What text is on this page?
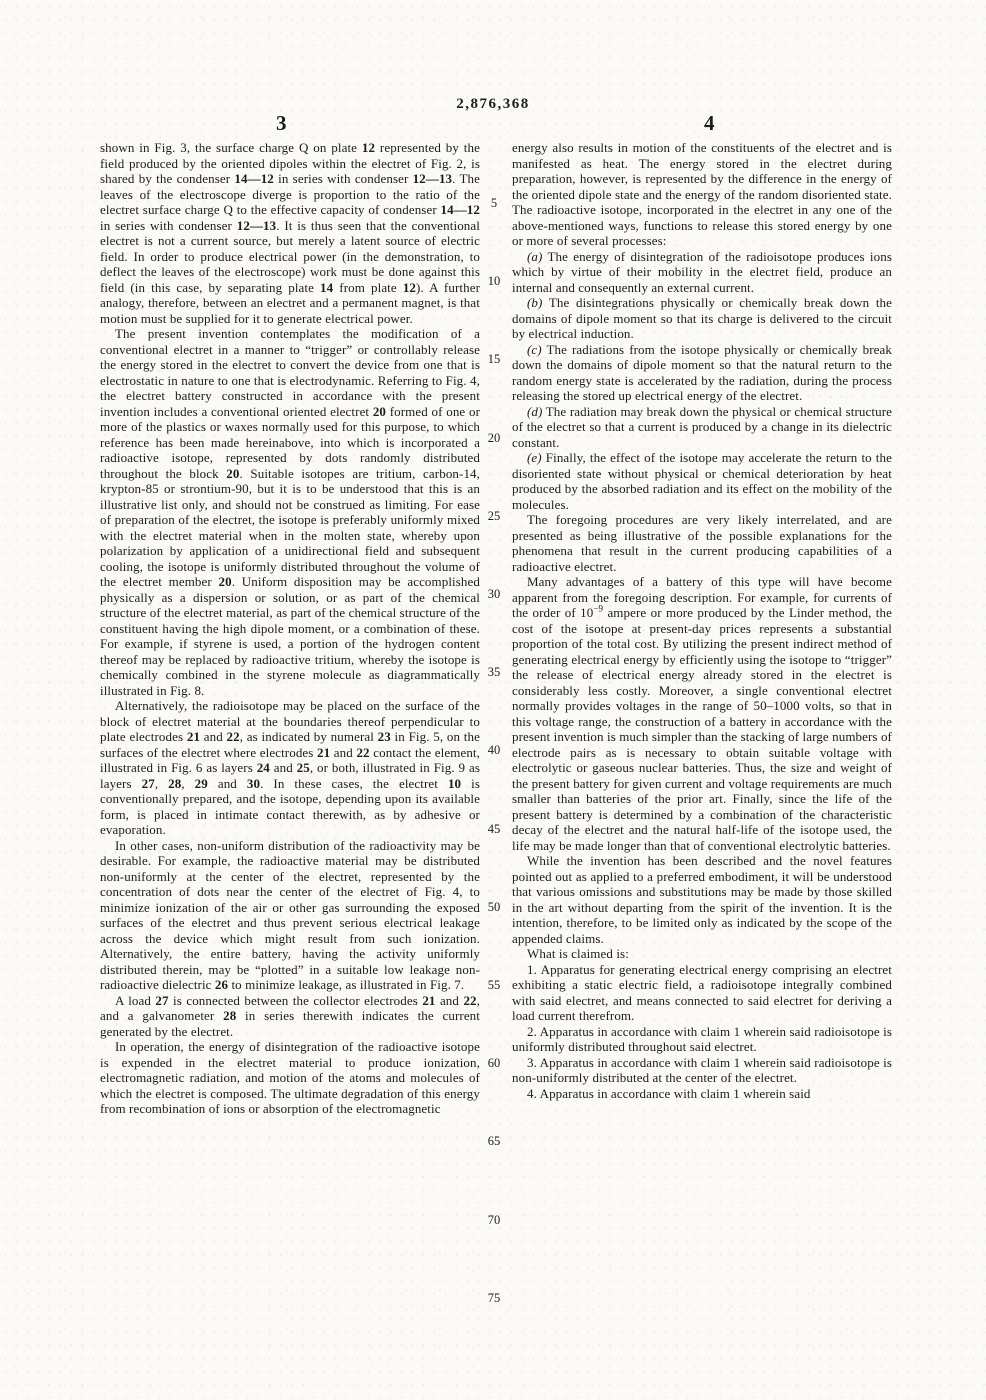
2,876,368
3	4

shown in Fig. 3, the surface charge Q on plate 12 represented by the field produced by the oriented dipoles within the electret of Fig. 2, is shared by the condenser 14—12 in series with condenser 12—13. The leaves of the electroscope diverge is proportion to the ratio of the electret surface charge Q to the effective capacity of condenser 14—12 in series with condenser 12—13. It is thus seen that the conventional electret is not a current source, but merely a latent source of electric field. In order to produce electrical power (in the demonstration, to deflect the leaves of the electroscope) work must be done against this field (in this case, by separating plate 14 from plate 12). A further analogy, therefore, between an electret and a permanent magnet, is that motion must be supplied for it to generate electrical power.

The present invention contemplates the modification of a conventional electret in a manner to “trigger” or controllably release the energy stored in the electret to convert the device from one that is electrostatic in nature to one that is electrodynamic. Referring to Fig. 4, the electret battery constructed in accordance with the present invention includes a conventional oriented electret 20 formed of one or more of the plastics or waxes normally used for this purpose, to which reference has been made hereinabove, into which is incorporated a radioactive isotope, represented by dots randomly distributed throughout the block 20. Suitable isotopes are tritium, carbon-14, krypton-85 or strontium-90, but it is to be understood that this is an illustrative list only, and should not be construed as limiting. For ease of preparation of the electret, the isotope is preferably uniformly mixed with the electret material when in the molten state, whereby upon polarization by application of a unidirectional field and subsequent cooling, the isotope is uniformly distributed throughout the volume of the electret member 20. Uniform disposition may be accomplished physically as a dispersion or solution, or as part of the chemical structure of the electret material, as part of the chemical structure of the constituent having the high dipole moment, or a combination of these. For example, if styrene is used, a portion of the hydrogen content thereof may be replaced by radioactive tritium, whereby the isotope is chemically combined in the styrene molecule as diagrammatically illustrated in Fig. 8.

Alternatively, the radioisotope may be placed on the surface of the block of electret material at the boundaries thereof perpendicular to plate electrodes 21 and 22, as indicated by numeral 23 in Fig. 5, on the surfaces of the electret where electrodes 21 and 22 contact the element, illustrated in Fig. 6 as layers 24 and 25, or both, illustrated in Fig. 9 as layers 27, 28, 29 and 30. In these cases, the electret 10 is conventionally prepared, and the isotope, depending upon its available form, is placed in intimate contact therewith, as by adhesive or evaporation.

In other cases, non-uniform distribution of the radioactivity may be desirable. For example, the radioactive material may be distributed non-uniformly at the center of the electret, represented by the concentration of dots near the center of the electret of Fig. 4, to minimize ionization of the air or other gas surrounding the exposed surfaces of the electret and thus prevent serious electrical leakage across the device which might result from such ionization. Alternatively, the entire battery, having the activity uniformly distributed therein, may be “plotted” in a suitable low leakage non-radioactive dielectric 26 to minimize leakage, as illustrated in Fig. 7.

A load 27 is connected between the collector electrodes 21 and 22, and a galvanometer 28 in series therewith indicates the current generated by the electret.

In operation, the energy of disintegration of the radioactive isotope is expended in the electret material to produce ionization, electromagnetic radiation, and motion of the atoms and molecules of which the electret is composed. The ultimate degradation of this energy from recombination of ions or absorption of the electromagnetic

energy also results in motion of the constituents of the electret and is manifested as heat. The energy stored in the electret during preparation, however, is represented by the difference in the energy of the oriented dipole state and the energy of the random disoriented state. The radioactive isotope, incorporated in the electret in any one of the above-mentioned ways, functions to release this stored energy by one or more of several processes:

(a) The energy of disintegration of the radioisotope produces ions which by virtue of their mobility in the electret field, produce an internal and consequently an external current.

(b) The disintegrations physically or chemically break down the domains of dipole moment so that its charge is delivered to the circuit by electrical induction.

(c) The radiations from the isotope physically or chemically break down the domains of dipole moment so that the natural return to the random energy state is accelerated by the radiation, during the process releasing the stored up electrical energy of the electret.

(d) The radiation may break down the physical or chemical structure of the electret so that a current is produced by a change in its dielectric constant.

(e) Finally, the effect of the isotope may accelerate the return to the disoriented state without physical or chemical deterioration by heat produced by the absorbed radiation and its effect on the mobility of the molecules.

The foregoing procedures are very likely interrelated, and are presented as being illustrative of the possible explanations for the phenomena that result in the current producing capabilities of a radioactive electret.

Many advantages of a battery of this type will have become apparent from the foregoing description. For example, for currents of the order of $10^{-9}$ ampere or more produced by the Linder method, the cost of the isotope at present-day prices represents a substantial proportion of the total cost. By utilizing the present indirect method of generating electrical energy by efficiently using the isotope to “trigger” the release of electrical energy already stored in the electret is considerably less costly. Moreover, a single conventional electret normally provides voltages in the range of 50–1000 volts, so that in this voltage range, the construction of a battery in accordance with the present invention is much simpler than the stacking of large numbers of electrode pairs as is necessary to obtain suitable voltage with electrolytic or gaseous nuclear batteries. Thus, the size and weight of the present battery for given current and voltage requirements are much smaller than batteries of the prior art. Finally, since the life of the present battery is determined by a combination of the characteristic decay of the electret and the natural half-life of the isotope used, the life may be made longer than that of conventional electrolytic batteries.

While the invention has been described and the novel features pointed out as applied to a preferred embodiment, it will be understood that various omissions and substitutions may be made by those skilled in the art without departing from the spirit of the invention. It is the intention, therefore, to be limited only as indicated by the scope of the appended claims.

What is claimed is:

1. Apparatus for generating electrical energy comprising an electret exhibiting a static electric field, a radioisotope integrally combined with said electret, and means connected to said electret for deriving a load current therefrom.

2. Apparatus in accordance with claim 1 wherein said radioisotope is uniformly distributed throughout said electret.

3. Apparatus in accordance with claim 1 wherein said radioisotope is non-uniformly distributed at the center of the electret.

4. Apparatus in accordance with claim 1 wherein said

5
10
15
20
25
30
35
40
45
50
55
60
65
70
75
